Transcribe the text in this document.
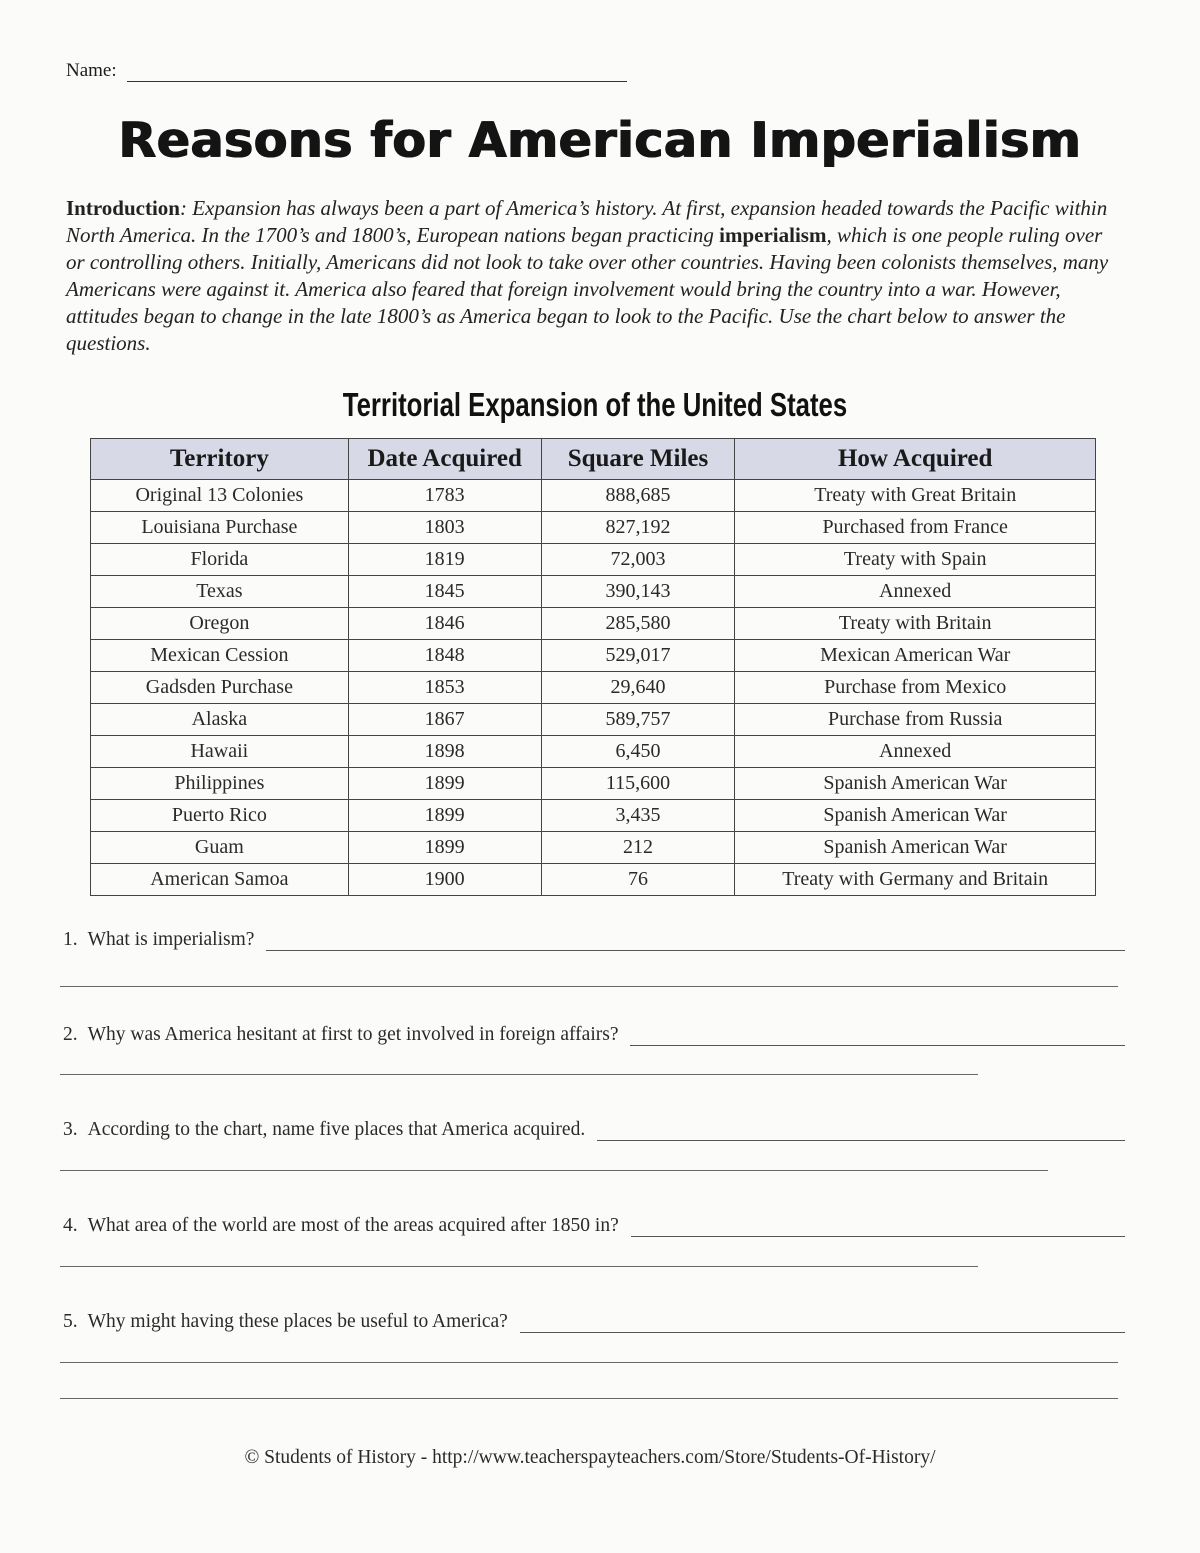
Name:
Reasons for American Imperialism
Introduction: Expansion has always been a part of America’s history. At first, expansion headed towards the Pacific within North America. In the 1700’s and 1800’s, European nations began practicing imperialism, which is one people ruling over or controlling others. Initially, Americans did not look to take over other countries. Having been colonists themselves, many Americans were against it. America also feared that foreign involvement would bring the country into a war. However, attitudes began to change in the late 1800’s as America began to look to the Pacific. Use the chart below to answer the questions.
Territorial Expansion of the United States
Territory	Date Acquired	Square Miles	How Acquired
Original 13 Colonies	1783	888,685	Treaty with Great Britain
Louisiana Purchase	1803	827,192	Purchased from France
Florida	1819	72,003	Treaty with Spain
Texas	1845	390,143	Annexed
Oregon	1846	285,580	Treaty with Britain
Mexican Cession	1848	529,017	Mexican American War
Gadsden Purchase	1853	29,640	Purchase from Mexico
Alaska	1867	589,757	Purchase from Russia
Hawaii	1898	6,450	Annexed
Philippines	1899	115,600	Spanish American War
Puerto Rico	1899	3,435	Spanish American War
Guam	1899	212	Spanish American War
American Samoa	1900	76	Treaty with Germany and Britain
1. What is imperialism?
2. Why was America hesitant at first to get involved in foreign affairs?
3. According to the chart, name five places that America acquired.
4. What area of the world are most of the areas acquired after 1850 in?
5. Why might having these places be useful to America?
© Students of History - http://www.teacherspayteachers.com/Store/Students-Of-History/
